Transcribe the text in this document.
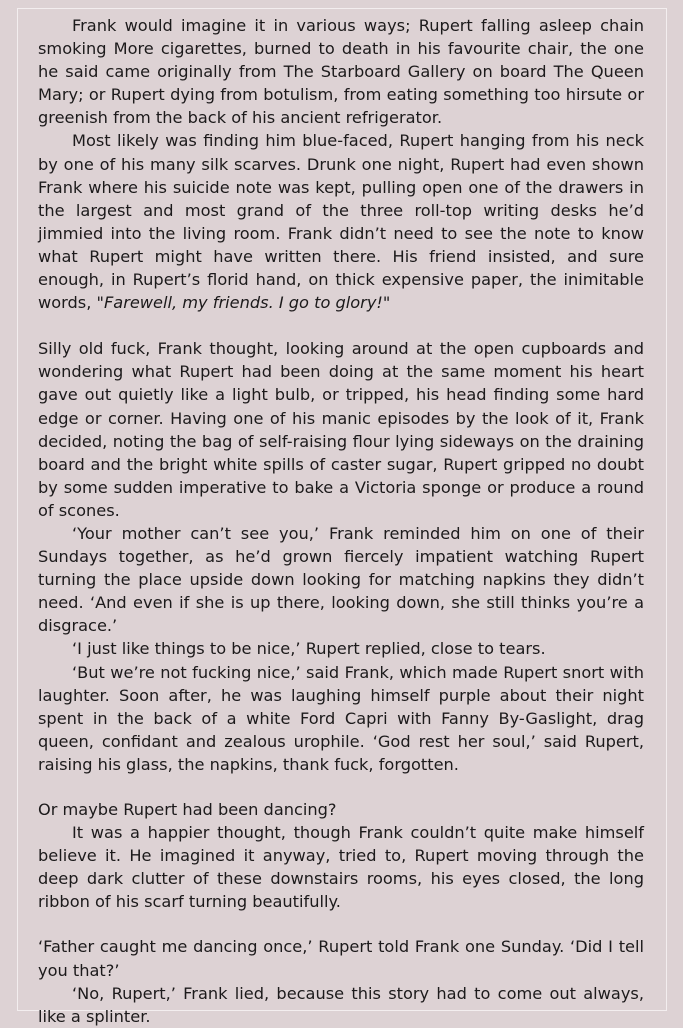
Frank would imagine it in various ways; Rupert falling asleep chain smoking More cigarettes, burned to death in his favourite chair, the one he said came originally from The Starboard Gallery on board The Queen Mary; or Rupert dying from botulism, from eating something too hirsute or greenish from the back of his ancient refrigerator.

Most likely was finding him blue-faced, Rupert hanging from his neck by one of his many silk scarves. Drunk one night, Rupert had even shown Frank where his suicide note was kept, pulling open one of the drawers in the largest and most grand of the three roll-top writing desks he’d jimmied into the living room. Frank didn’t need to see the note to know what Rupert might have written there. His friend insisted, and sure enough, in Rupert’s florid hand, on thick expensive paper, the inimitable words, "Farewell, my friends. I go to glory!"

Silly old fuck, Frank thought, looking around at the open cupboards and wondering what Rupert had been doing at the same moment his heart gave out quietly like a light bulb, or tripped, his head finding some hard edge or corner. Having one of his manic episodes by the look of it, Frank decided, noting the bag of self-raising flour lying sideways on the draining board and the bright white spills of caster sugar, Rupert gripped no doubt by some sudden imperative to bake a Victoria sponge or produce a round of scones.

‘Your mother can’t see you,’ Frank reminded him on one of their Sundays together, as he’d grown fiercely impatient watching Rupert turning the place upside down looking for matching napkins they didn’t need. ‘And even if she is up there, looking down, she still thinks you’re a disgrace.’

‘I just like things to be nice,’ Rupert replied, close to tears.

‘But we’re not fucking nice,’ said Frank, which made Rupert snort with laughter. Soon after, he was laughing himself purple about their night spent in the back of a white Ford Capri with Fanny By-Gaslight, drag queen, confidant and zealous urophile. ‘God rest her soul,’ said Rupert, raising his glass, the napkins, thank fuck, forgotten.

Or maybe Rupert had been dancing?

It was a happier thought, though Frank couldn’t quite make himself believe it. He imagined it anyway, tried to, Rupert moving through the deep dark clutter of these downstairs rooms, his eyes closed, the long ribbon of his scarf turning beautifully.

‘Father caught me dancing once,’ Rupert told Frank one Sunday. ‘Did I tell you that?’

‘No, Rupert,’ Frank lied, because this story had to come out always, like a splinter.
